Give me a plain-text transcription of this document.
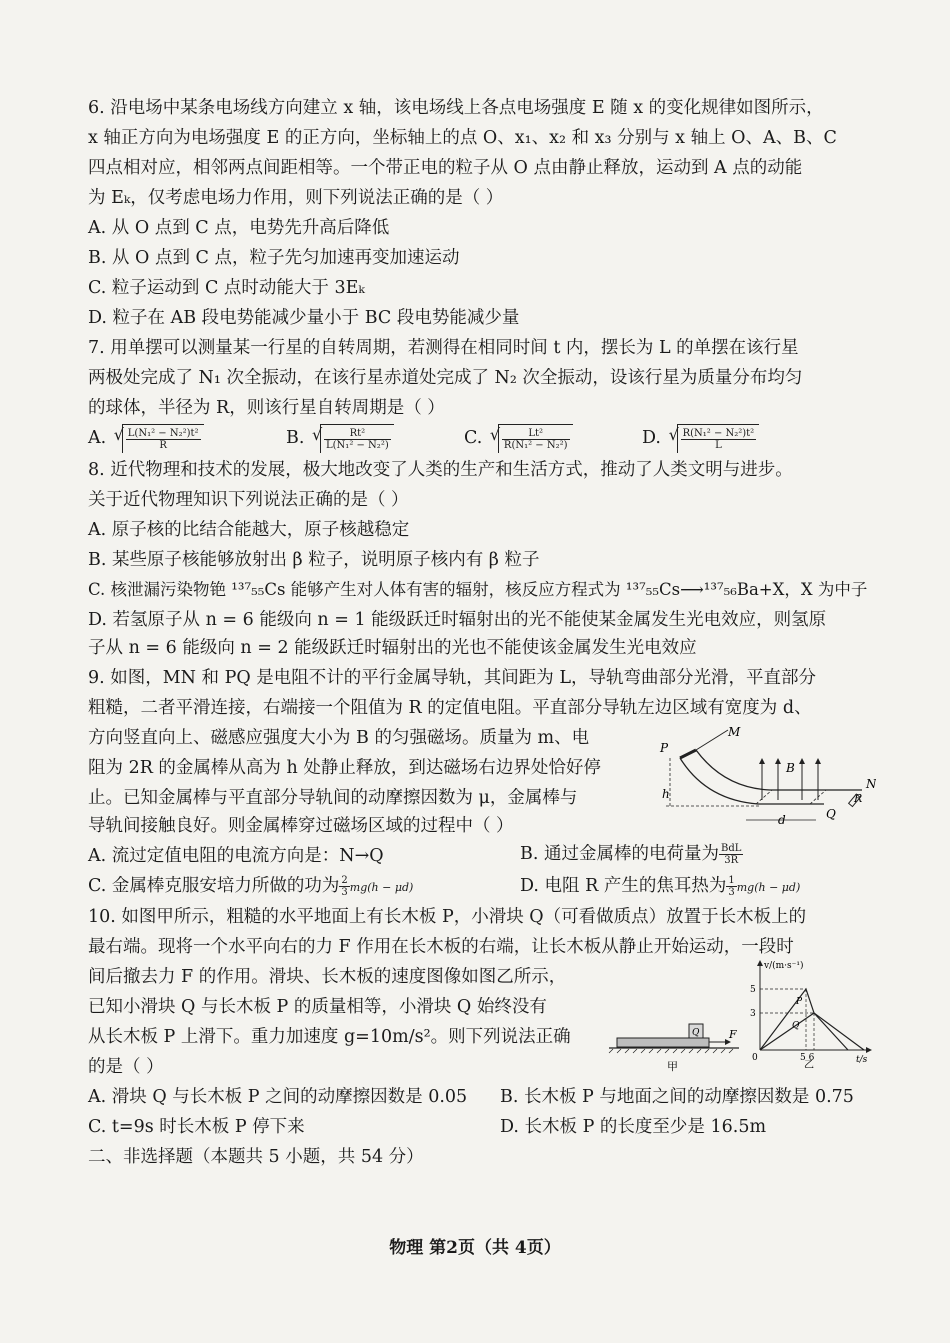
6. 沿电场中某条电场线方向建立 x 轴，该电场线上各点电场强度 E 随 x 的变化规律如图所示，
x 轴正方向为电场强度 E 的正方向，坐标轴上的点 O、x₁、x₂ 和 x₃ 分别与 x 轴上 O、A、B、C
四点相对应，相邻两点间距相等。一个带正电的粒子从 O 点由静止释放，运动到 A 点的动能
为 Eₖ，仅考虑电场力作用，则下列说法正确的是（ ）
A. 从 O 点到 C 点，电势先升高后降低
B. 从 O 点到 C 点，粒子先匀加速再变加速运动
C. 粒子运动到 C 点时动能大于 3Eₖ
D. 粒子在 AB 段电势能减少量小于 BC 段电势能减少量
7. 用单摆可以测量某一行星的自转周期，若测得在相同时间 t 内，摆长为 L 的单摆在该行星
两极处完成了 N₁ 次全振动，在该行星赤道处完成了 N₂ 次全振动，设该行星为质量分布均匀
的球体，半径为 R，则该行星自转周期是（ ）
A. √ $\frac{\text{L(N₁² − N₂²)t²}}{R}$	B. √ $\frac{\text{Rt²}}{\text{L(N₁² − N₂²)}}$	C. √ $\frac{\text{Lt²}}{\text{R(N₁² − N₂²)}}$	D. √ $\frac{\text{R(N₁² − N₂²)t²}}{L}$
8. 近代物理和技术的发展，极大地改变了人类的生产和生活方式，推动了人类文明与进步。
关于近代物理知识下列说法正确的是（ ）
A. 原子核的比结合能越大，原子核越稳定
B. 某些原子核能够放射出 β 粒子，说明原子核内有 β 粒子
C. 核泄漏污染物铯 ¹³⁷₅₅Cs 能够产生对人体有害的辐射，核反应方程式为 ¹³⁷₅₅Cs⟶¹³⁷₅₆Ba+X，X 为中子
D. 若氢原子从 n = 6 能级向 n = 1 能级跃迁时辐射出的光不能使某金属发生光电效应，则氢原
子从 n = 6 能级向 n = 2 能级跃迁时辐射出的光也不能使该金属发生光电效应
9. 如图，MN 和 PQ 是电阻不计的平行金属导轨，其间距为 L，导轨弯曲部分光滑，平直部分
粗糙，二者平滑连接，右端接一个阻值为 R 的定值电阻。平直部分导轨左边区域有宽度为 d、
方向竖直向上、磁感应强度大小为 B 的匀强磁场。质量为 m、电
阻为 2R 的金属棒从高为 h 处静止释放，到达磁场右边界处恰好停
止。已知金属棒与平直部分导轨间的动摩擦因数为 μ，金属棒与
导轨间接触良好。则金属棒穿过磁场区域的过程中（ ）
P
M
N
Q
R
B
h
d
A. 流过定值电阻的电流方向是：N→Q	B. 通过金属棒的电荷量为 $\frac{\text{BdL}}{3R}$
C. 金属棒克服安培力所做的功为 $\frac{2}{3} mg(h - \mu d)$	D. 电阻 R 产生的焦耳热为 $\frac{1}{3} mg(h - \mu d)$
10. 如图甲所示，粗糙的水平地面上有长木板 P，小滑块 Q（可看做质点）放置于长木板上的
最右端。现将一个水平向右的力 F 作用在长木板的右端，让长木板从静止开始运动，一段时
间后撤去力 F 的作用。滑块、长木板的速度图像如图乙所示，
已知小滑块 Q 与长木板 P 的质量相等，小滑块 Q 始终没有
从长木板 P 上滑下。重力加速度 g=10m/s²。则下列说法正确
的是（ ）
F
Q
甲
v/(m·s⁻¹)
t/s
5
3
0	5 6
乙
P
Q
A. 滑块 Q 与长木板 P 之间的动摩擦因数是 0.05 B. 长木板 P 与地面之间的动摩擦因数是 0.75
C. t=9s 时长木板 P 停下来	D. 长木板 P 的长度至少是 16.5m
二、非选择题（本题共 5 小题，共 54 分）
物理 第2页（共 4页）
